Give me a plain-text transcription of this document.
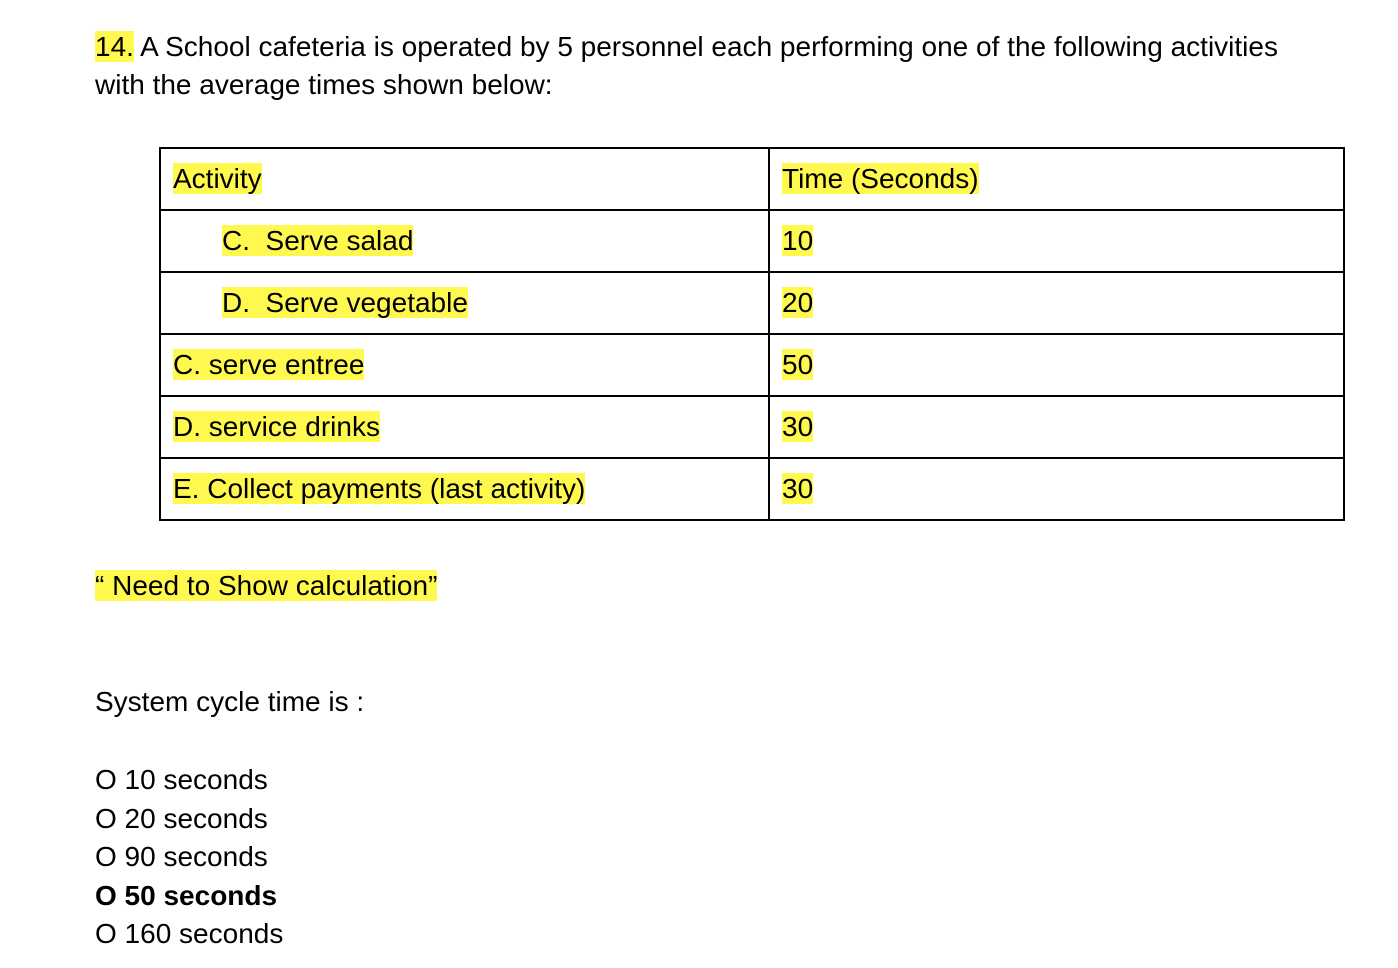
14. A School cafeteria is operated by 5 personnel each performing one of the following activities with the average times shown below:
Activity	Time (Seconds)
C.  Serve salad	10
D.  Serve vegetable	20
C. serve entree	50
D. service drinks	30
E. Collect payments (last activity)	30
“ Need to Show calculation”
System cycle time is :
O 10 seconds
O 20 seconds
O 90 seconds
O 50 seconds
O 160 seconds
